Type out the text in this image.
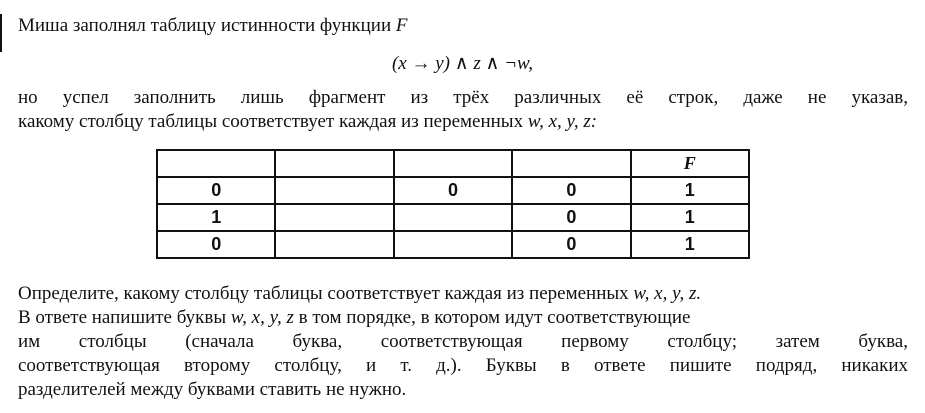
Миша заполнял таблицу истинности функции F
(x → y) ∧ z ∧ ¬w,
но успел заполнить лишь фрагмент из трёх различных её строк, даже не указав,
какому столбцу таблицы соответствует каждая из переменных w, x, y, z:
				F
0		0	0	1
1			0	1
0			0	1
Определите, какому столбцу таблицы соответствует каждая из переменных w, x, y, z.
В ответе напишите буквы w, x, y, z в том порядке, в котором идут соответствующие
им столбцы (сначала буква, соответствующая первому столбцу; затем буква,
соответствующая второму столбцу, и т. д.). Буквы в ответе пишите подряд, никаких
разделителей между буквами ставить не нужно.
